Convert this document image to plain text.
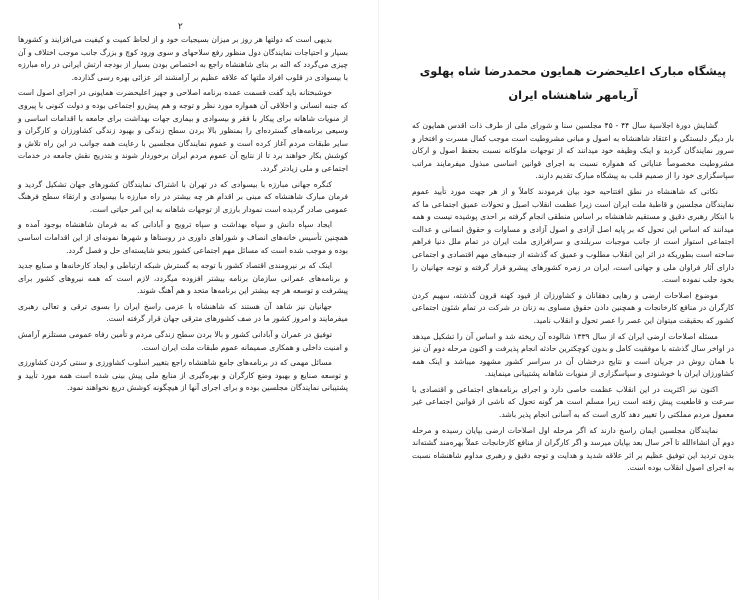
۲

بدیهی است که دولتها هر روز بر میزان بسیجیات خود و از لحاظ کمیت و کیفیت می‌افزایند و کشورها بسیار و احتیاجات نمایندگان دول منظور رفع سلاحهای و سوی ورود کوچ و بزرگ جانب موجب اختلاف و آن چیزی می‌گردد که الته بر بنای شاهنشاه راجع به اختصاص بودن بسیار از بودجه ارتش ایرانی در راه مبارزه با بیسوادی در قلوب افراد ملتها که علاقه عظیم بر آرامشند اثر عزائی بهره رسی گذارده.

خوشبختانه باید گفت قسمت عمده برنامه اصلاحی و جهیز اعلیحضرت همایونی در اجرای اصول است که جنبه انسانی و اخلاقی آن همواره مورد نظر و توجه و هم پیش‌رو اجتماعی بوده و دولت کنونی با پیروی از منویات شاهانه برای پیکار با فقر و بیسوادی و بیماری جهات بهداشت برای جامعه با اقدامات اساسی و وسیعی برنامه‌های گسترده‌ای را بمنظور بالا بردن سطح زندگی و بهبود زندگی کشاورزان و کارگران و سایر طبقات مردم آغاز کرده است و عموم نمایندگان مجلسین با رعایت همه جوانب در این راه تلاش و کوشش بکار خواهند برد تا از نتایج آن عموم مردم ایران برخوردار شوند و بتدریج نقش جامعه در خدمات اجتماعی و ملی زیادتر گردد.

کنگره جهانی مبارزه با بیسوادی که در تهران با اشتراک نمایندگان کشورهای جهان تشکیل گردید و فرمان مبارک شاهنشاه که مبنی بر اقدام هر چه بیشتر در راه مبارزه با بیسوادی و ارتقاء سطح فرهنگ عمومی صادر گردیده است نمودار بارزی از توجهات شاهانه به این امر حیاتی است.

ایجاد سپاه دانش و سپاه بهداشت و سپاه ترویج و آبادانی که به فرمان شاهنشاه بوجود آمده و همچنین تأسیس خانه‌های انصاف و شوراهای داوری در روستاها و شهرها نمونه‌ای از این اقدامات اساسی بوده و موجب شده است که مسائل مهم اجتماعی کشور بنحو شایسته‌ای حل و فصل گردد.

اینک که بر نیرومندی اقتصاد کشور با توجه به گسترش شبکه ارتباطی و ایجاد کارخانه‌ها و صنایع جدید و برنامه‌های عمرانی سازمان برنامه بیشتر افزوده میگردد، لازم است که همه نیروهای کشور برای پیشرفت و توسعه هر چه بیشتر این برنامه‌ها متحد و هم آهنگ شوند.

جهانیان نیز شاهد آن هستند که شاهنشاه با عزمی راسخ ایران را بسوی ترقی و تعالی رهبری میفرمایند و امروز کشور ما در صف کشورهای مترقی جهان قرار گرفته است.

توفیق در عمران و آبادانی کشور و بالا بردن سطح زندگی مردم و تأمین رفاه عمومی مستلزم آرامش و امنیت داخلی و همکاری صمیمانه عموم طبقات ملت ایران است.

مسائل مهمی که در برنامه‌های جامع شاهنشاه راجع بتغییر اسلوب کشاورزی و سنتی کردن کشاورزی و توسعه صنایع و بهبود وضع کارگران و بهره‌گیری از منابع ملی پیش بینی شده است همه مورد تأیید و پشتیبانی نمایندگان مجلسین بوده و برای اجرای آنها از هیچگونه کوشش دریغ نخواهند نمود.

پیشگاه مبارک اعلیحضرت همایون محمدرضا شاه پهلوی
آریامهر شاهنشاه ایران

گشایش دورهٔ اجلاسیهٔ سال ۴۴ - ۴۵ مجلسین سنا و شورای ملی از طرف ذات اقدس همایون که بار دیگر دلبستگی و اعتقاد شاهنشاه به اصول و مبانی مشروطیت است موجب کمال مسرت و افتخار و سرور نمایندگان گردید و اینک وظیفه خود میدانند که از توجهات ملوکانه نسبت بحفظ اصول و ارکان مشروطیت مخصوصاً عنایاتی که همواره نسبت به اجرای قوانین اساسی مبذول میفرمایند مراتب سپاسگزاری خود را از صمیم قلب به پیشگاه مبارک تقدیم دارند.

نکاتی که شاهنشاه در نطق افتتاحیه خود بیان فرمودند کاملاً و از هر جهت مورد تأیید عموم نمایندگان مجلسین و قاطبهٔ ملت ایران است زیرا عظمت انقلاب اصیل و تحولات عمیق اجتماعی ما که با ابتکار رهبری دقیق و مستقیم شاهنشاه بر اساس منطقی انجام گرفته بر احدی پوشیده نیست و همه میدانند که اساس این تحول که بر پایه اصل آزادی و اصول آزادی و مساوات و حقوق انسانی و عدالت اجتماعی استوار است از جانب موجبات سربلندی و سرافرازی ملت ایران در تمام ملل دنیا فراهم ساخته است بطوریکه در اثر این انقلاب مطلوب و عمیق که گذشته از جنبه‌های مهم اقتصادی و اجتماعی دارای آثار فراوان ملی و جهانی است، ایران در زمره کشورهای پیشرو قرار گرفته و توجه جهانیان را بخود جلب نموده است.

موضوع اصلاحات ارضی و رهایی دهقانان و کشاورزان از قیود کهنه قرون گذشته، سهیم کردن کارگران در منافع کارخانجات و همچنین دادن حقوق مساوی به زنان در شرکت در تمام شئون اجتماعی کشور که بحقیقت میتوان این عصر را عصر تحول و انقلاب نامید.

مسئله اصلاحات ارضی ایران که از سال ۱۳۳۹ شالوده آن ریخته شد و اساس آن را تشکیل میدهد در اواخر سال گذشته با موفقیت کامل و بدون کوچکترین حادثه انجام پذیرفت و اکنون مرحله دوم آن نیز با همان روش در جریان است و نتایج درخشان آن در سراسر کشور مشهود میباشد و اینک همه کشاورزان ایران با خوشنودی و سپاسگزاری از منویات شاهانه پشتیبانی مینمایند.

اکنون نیز اکثریت در این انقلاب عظمت خاصی دارد و اجرای برنامه‌های اجتماعی و اقتصادی با سرعت و قاطعیت پیش رفته است زیرا مسلم است هر گونه تحول که ناشی از قوانین اجتماعی غیر معمول مردم مملکتی را تغییر دهد کاری است که به آسانی انجام پذیر باشد.

نمایندگان مجلسین ایمان راسخ دارند که اگر مرحله اول اصلاحات ارضی بپایان رسیده و مرحله دوم آن انشاءالله تا آخر سال بعد بپایان میرسد و اگر کارگران از منافع کارخانجات عملاً بهره‌مند گشته‌اند بدون تردید این توفیق عظیم بر اثر علاقه شدید و هدایت و توجه دقیق و رهبری مداوم شاهنشاه نسبت به اجرای اصول انقلاب بوده است.
